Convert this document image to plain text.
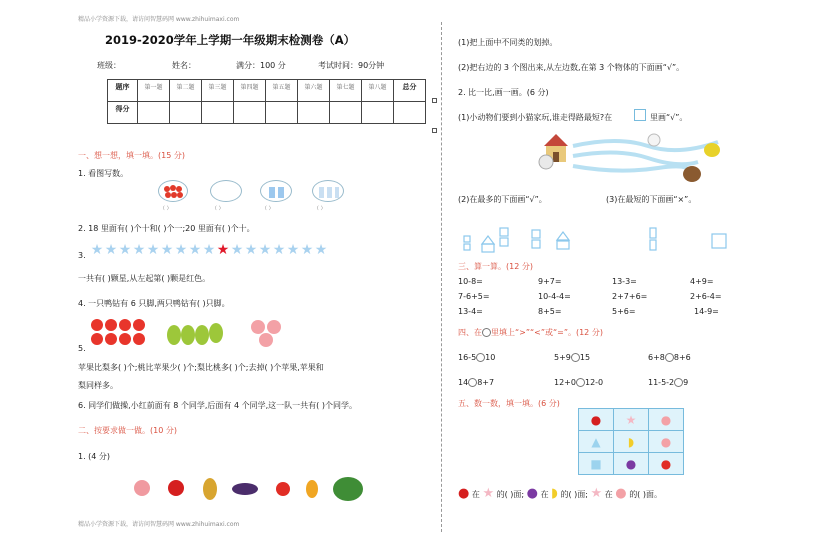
精品小学资源下载，请访问智慧码网 www.zhihuimaxi.com
精品小学资源下载，请访问智慧码网 www.zhihuimaxi.com
2019-2020学年上学期一年级期末检测卷（A）
班级：	姓名：	满分：100 分	考试时间：90分钟
题序	第一题	第二题	第三题	第四题	第五题	第六题	第七题	第八题	总分
得分									
一、想一想，填一填。(15 分)
1. 看图写数。
（ ）	（ ）	（ ）	（ ）
2. 18 里面有( )个十和( )个一;20 里面有( )个十。
3. ★★★★★★★★★★★★★★★★★
一共有( )颗星,从左起第( )颗是红色。
4. 一只鸭钻有 6 只脚,两只鸭钻有( )只脚。
5.
苹果比梨多( )个;桃比苹果少( )个;梨比桃多( )个;去掉( )个苹果,苹果和
梨同样多。
6. 同学们做操,小红前面有 8 个同学,后面有 4 个同学,这一队一共有( )个同学。
二、按要求做一做。(10 分)
1. (4 分)
(1)把上面中不同类的划掉。
(2)把右边的 3 个图出来,从左边数,在第 3 个物体的下面画“√”。
2. 比一比,画一画。(6 分)
(1)小动物们要到小猫家玩,谁走得路最短?在	里画“√”。
(2)在最多的下面画“√”。	(3)在最短的下面画“×”。
三、算一算。(12 分)
10-8=	9+7=	13-3=	4+9=
7-6+5=	10-4-4=	2+7+6=	2+6-4=
13-4=	8+5=	5+6=	14-9=
四、在 里填上“>”“<”或“=”。(12 分)
16-5 10	5+9 15	6+8 8+6
14 8+7	12+0 12-0	11-5-2 9
五、数一数，填一填。(6 分)
●	★	●
▲	◗	●
■	●	●
● 在 ★ 的( )面; ● 在 ◗ 的( )面; ★ 在 ● 的( )面。
